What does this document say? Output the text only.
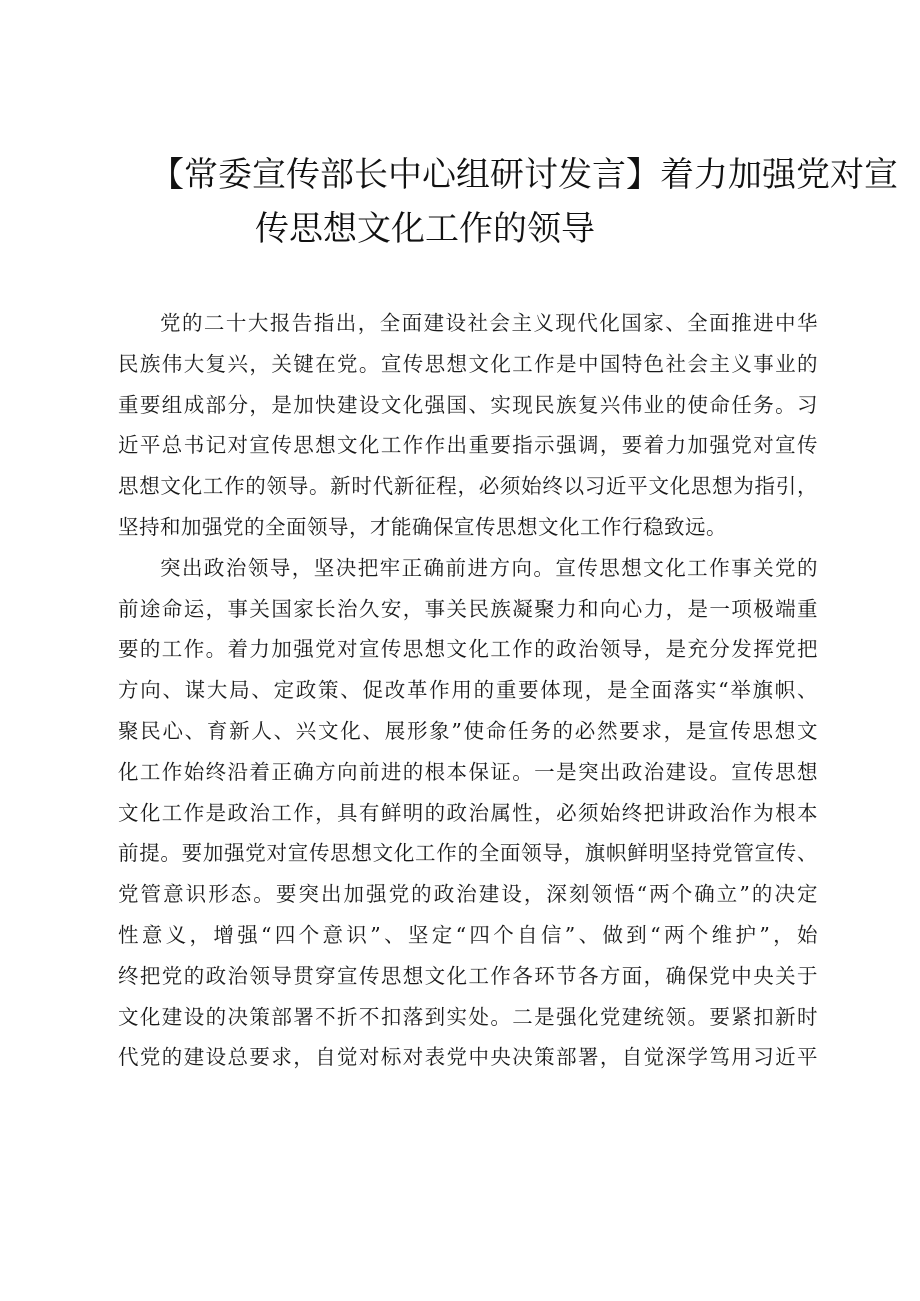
【常委宣传部长中心组研讨发言】着力加强党对宣
传思想文化工作的领导

党的二十大报告指出，全面建设社会主义现代化国家、全面推进中华
民族伟大复兴，关键在党。宣传思想文化工作是中国特色社会主义事业的
重要组成部分，是加快建设文化强国、实现民族复兴伟业的使命任务。习
近平总书记对宣传思想文化工作作出重要指示强调，要着力加强党对宣传
思想文化工作的领导。新时代新征程，必须始终以习近平文化思想为指引，
坚持和加强党的全面领导，才能确保宣传思想文化工作行稳致远。

突出政治领导，坚决把牢正确前进方向。宣传思想文化工作事关党的
前途命运，事关国家长治久安，事关民族凝聚力和向心力，是一项极端重
要的工作。着力加强党对宣传思想文化工作的政治领导，是充分发挥党把
方向、谋大局、定政策、促改革作用的重要体现，是全面落实“举旗帜、
聚民心、育新人、兴文化、展形象”使命任务的必然要求，是宣传思想文
化工作始终沿着正确方向前进的根本保证。一是突出政治建设。宣传思想
文化工作是政治工作，具有鲜明的政治属性，必须始终把讲政治作为根本
前提。要加强党对宣传思想文化工作的全面领导，旗帜鲜明坚持党管宣传、
党管意识形态。要突出加强党的政治建设，深刻领悟“两个确立”的决定
性意义，增强“四个意识”、坚定“四个自信”、做到“两个维护”，始
终把党的政治领导贯穿宣传思想文化工作各环节各方面，确保党中央关于
文化建设的决策部署不折不扣落到实处。二是强化党建统领。要紧扣新时
代党的建设总要求，自觉对标对表党中央决策部署，自觉深学笃用习近平
